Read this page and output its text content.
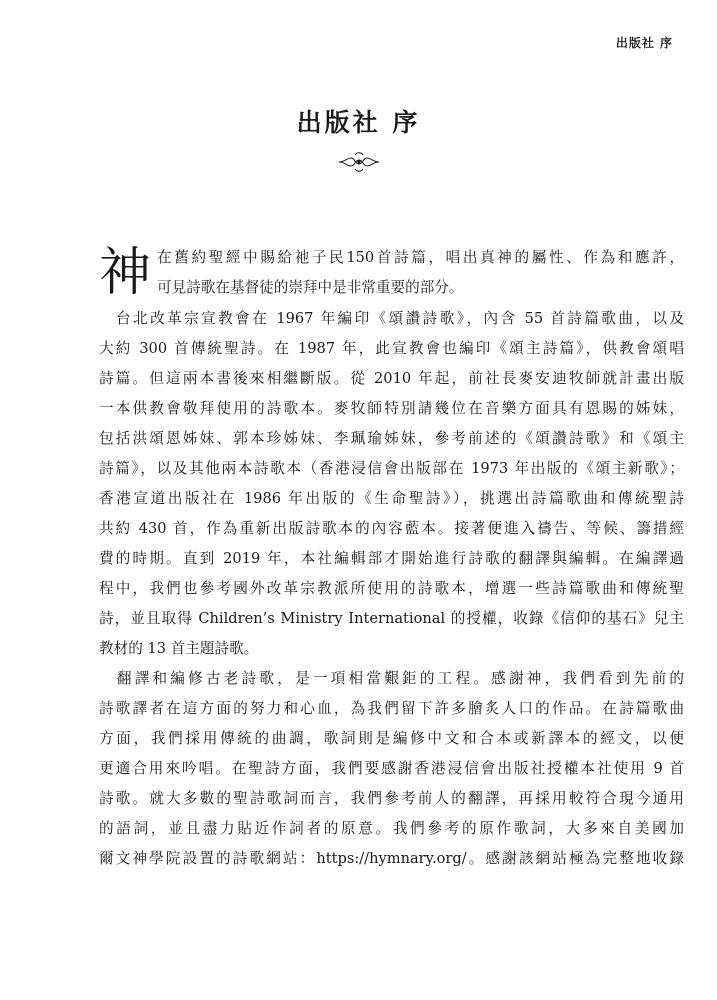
出版社 序
出版社 序
神 在舊約聖經中賜給祂子民150首詩篇，唱出真神的屬性、作為和應許，
可見詩歌在基督徒的崇拜中是非常重要的部分。
　台北改革宗宣教會在 1967 年編印《頌讚詩歌》，內含 55 首詩篇歌曲，以及
大約 300 首傳統聖詩。在 1987 年，此宣教會也編印《頌主詩篇》，供教會頌唱
詩篇。但這兩本書後來相繼斷版。從 2010 年起，前社長麥安迪牧師就計畫出版
一本供教會敬拜使用的詩歌本。麥牧師特別請幾位在音樂方面具有恩賜的姊妹，
包括洪頌恩姊妹、郭本珍姊妹、李珮瑜姊妹，參考前述的《頌讚詩歌》和《頌主
詩篇》，以及其他兩本詩歌本（香港浸信會出版部在 1973 年出版的《頌主新歌》；
香港宣道出版社在 1986 年出版的《生命聖詩》），挑選出詩篇歌曲和傳統聖詩
共約 430 首，作為重新出版詩歌本的內容藍本。接著便進入禱告、等候、籌措經
費的時期。直到 2019 年，本社編輯部才開始進行詩歌的翻譯與編輯。在編譯過
程中，我們也參考國外改革宗教派所使用的詩歌本，增選一些詩篇歌曲和傳統聖
詩，並且取得 Children’s Ministry International 的授權，收錄《信仰的基石》兒主
教材的 13 首主題詩歌。
　翻譯和編修古老詩歌，是一項相當艱鉅的工程。感謝神，我們看到先前的
詩歌譯者在這方面的努力和心血，為我們留下許多膾炙人口的作品。在詩篇歌曲
方面，我們採用傳統的曲調，歌詞則是編修中文和合本或新譯本的經文，以便
更適合用來吟唱。在聖詩方面，我們要感謝香港浸信會出版社授權本社使用 9 首
詩歌。就大多數的聖詩歌詞而言，我們參考前人的翻譯，再採用較符合現今通用
的語詞，並且盡力貼近作詞者的原意。我們參考的原作歌詞，大多來自美國加
爾文神學院設置的詩歌網站：https://hymnary.org/。感謝該網站極為完整地收錄
